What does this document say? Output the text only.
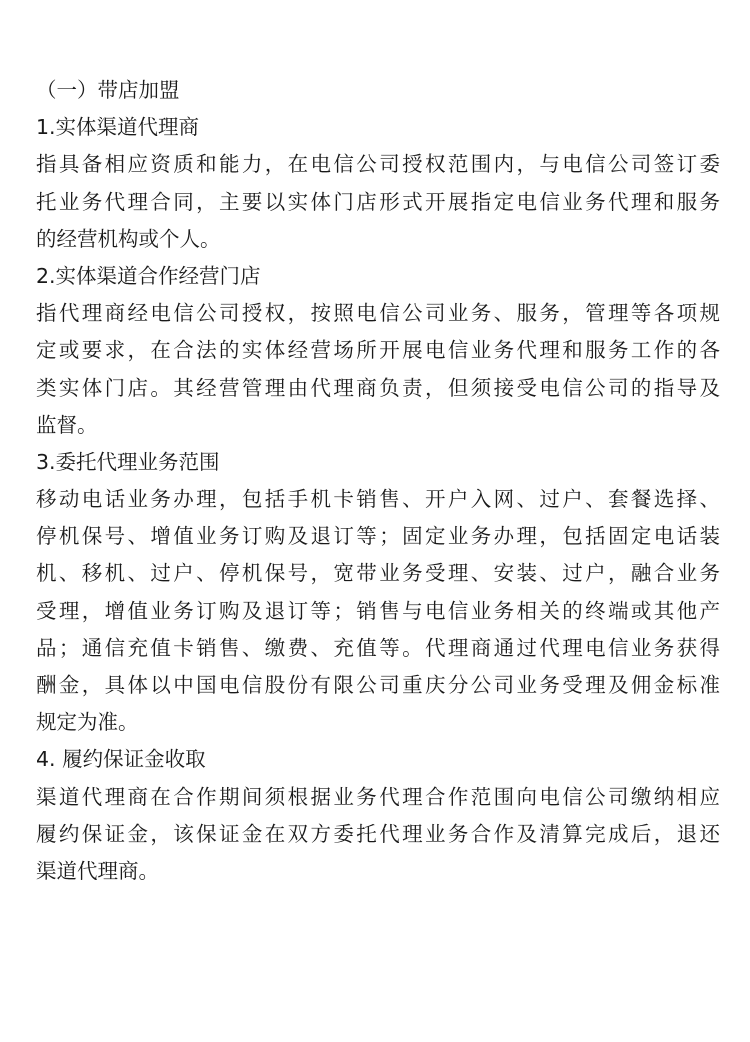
（一）带店加盟
1.实体渠道代理商
指具备相应资质和能力，在电信公司授权范围内，与电信公司签订委
托业务代理合同，主要以实体门店形式开展指定电信业务代理和服务
的经营机构或个人。
2.实体渠道合作经营门店
指代理商经电信公司授权，按照电信公司业务、服务，管理等各项规
定或要求，在合法的实体经营场所开展电信业务代理和服务工作的各
类实体门店。其经营管理由代理商负责，但须接受电信公司的指导及
监督。
3.委托代理业务范围
移动电话业务办理，包括手机卡销售、开户入网、过户、套餐选择、
停机保号、增值业务订购及退订等；固定业务办理，包括固定电话装
机、移机、过户、停机保号，宽带业务受理、安装、过户，融合业务
受理，增值业务订购及退订等；销售与电信业务相关的终端或其他产
品；通信充值卡销售、缴费、充值等。代理商通过代理电信业务获得
酬金，具体以中国电信股份有限公司重庆分公司业务受理及佣金标准
规定为准。
4. 履约保证金收取
渠道代理商在合作期间须根据业务代理合作范围向电信公司缴纳相应
履约保证金，该保证金在双方委托代理业务合作及清算完成后，退还
渠道代理商。
